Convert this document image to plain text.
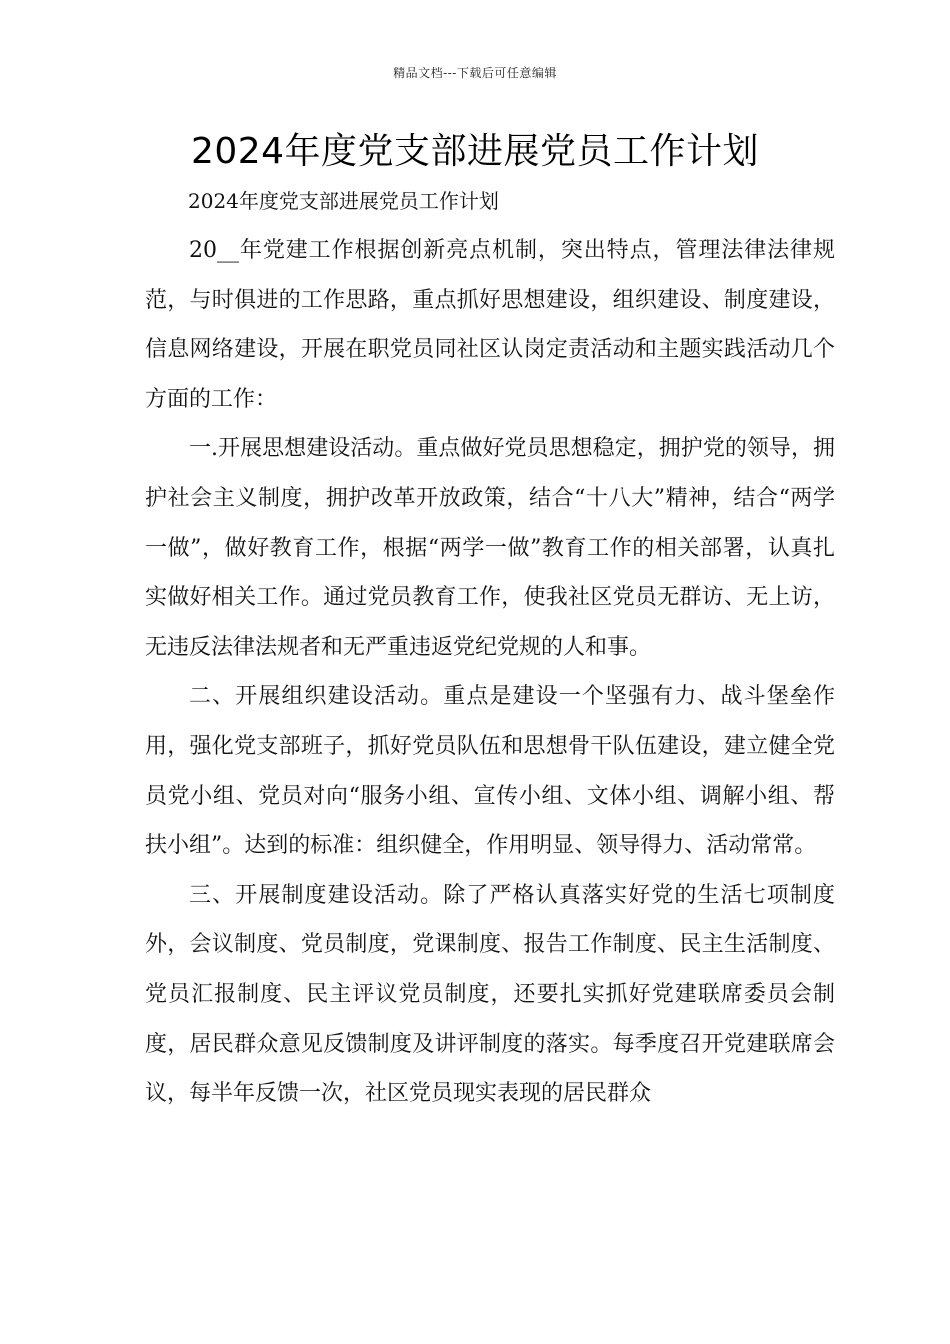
精品文档---下载后可任意编辑
2024年度党支部进展党员工作计划

2024年度党支部进展党员工作计划

20__年党建工作根据创新亮点机制，突出特点，管理法律法律规范，与时俱进的工作思路，重点抓好思想建设，组织建设、制度建设，信息网络建设，开展在职党员同社区认岗定责活动和主题实践活动几个方面的工作：

一.开展思想建设活动。重点做好党员思想稳定，拥护党的领导，拥护社会主义制度，拥护改革开放政策，结合“十八大”精神，结合“两学一做”，做好教育工作，根据“两学一做”教育工作的相关部署，认真扎实做好相关工作。通过党员教育工作，使我社区党员无群访、无上访，无违反法律法规者和无严重违返党纪党规的人和事。

二、开展组织建设活动。重点是建设一个坚强有力、战斗堡垒作用，强化党支部班子，抓好党员队伍和思想骨干队伍建设，建立健全党员党小组、党员对向“服务小组、宣传小组、文体小组、调解小组、帮扶小组”。达到的标准：组织健全，作用明显、领导得力、活动常常。

三、开展制度建设活动。除了严格认真落实好党的生活七项制度外，会议制度、党员制度，党课制度、报告工作制度、民主生活制度、党员汇报制度、民主评议党员制度，还要扎实抓好党建联席委员会制度，居民群众意见反馈制度及讲评制度的落实。每季度召开党建联席会议，每半年反馈一次，社区党员现实表现的居民群众
